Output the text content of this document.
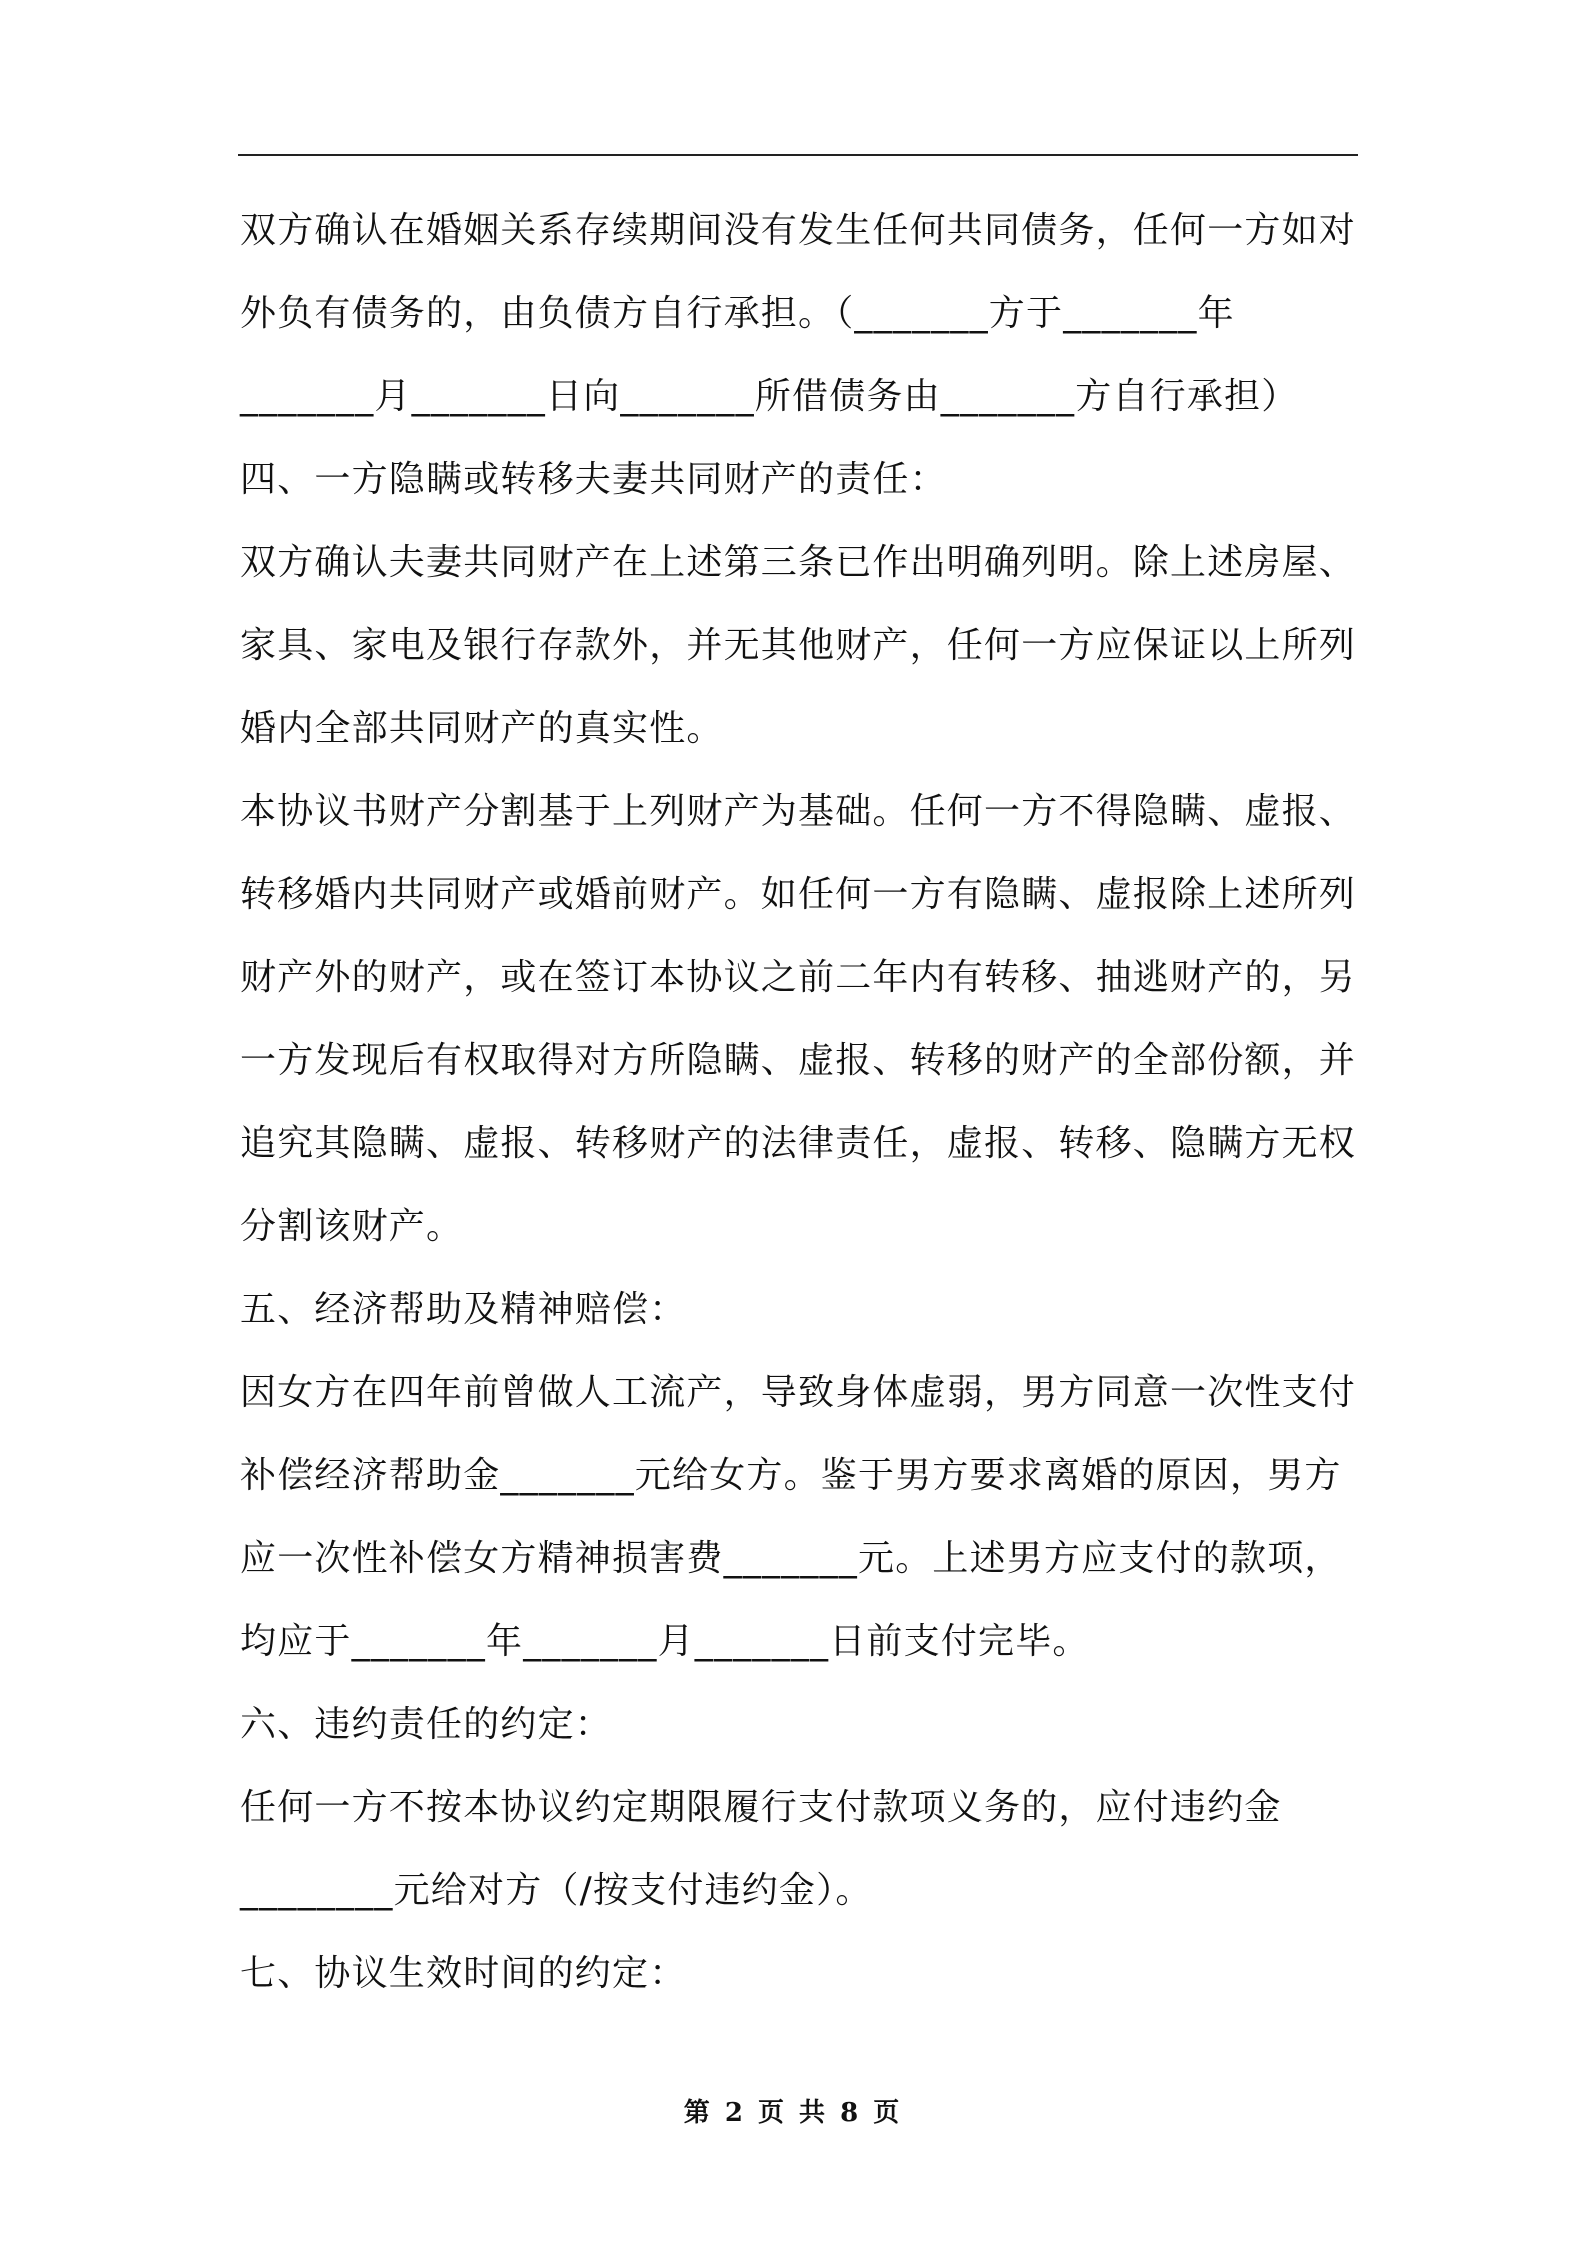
双方确认在婚姻关系存续期间没有发生任何共同债务，任何一方如对
外负有债务的，由负债方自行承担。（_______方于_______年
_______月_______日向_______所借债务由_______方自行承担）
四、一方隐瞒或转移夫妻共同财产的责任：
双方确认夫妻共同财产在上述第三条已作出明确列明。除上述房屋、
家具、家电及银行存款外，并无其他财产，任何一方应保证以上所列
婚内全部共同财产的真实性。
本协议书财产分割基于上列财产为基础。任何一方不得隐瞒、虚报、
转移婚内共同财产或婚前财产。如任何一方有隐瞒、虚报除上述所列
财产外的财产，或在签订本协议之前二年内有转移、抽逃财产的，另
一方发现后有权取得对方所隐瞒、虚报、转移的财产的全部份额，并
追究其隐瞒、虚报、转移财产的法律责任，虚报、转移、隐瞒方无权
分割该财产。
五、经济帮助及精神赔偿：
因女方在四年前曾做人工流产，导致身体虚弱，男方同意一次性支付
补偿经济帮助金_______元给女方。鉴于男方要求离婚的原因，男方
应一次性补偿女方精神损害费_______元。上述男方应支付的款项，
均应于_______年_______月_______日前支付完毕。
六、违约责任的约定：
任何一方不按本协议约定期限履行支付款项义务的，应付违约金
________元给对方（/按支付违约金）。
七、协议生效时间的约定：
第 2 页 共 8 页
